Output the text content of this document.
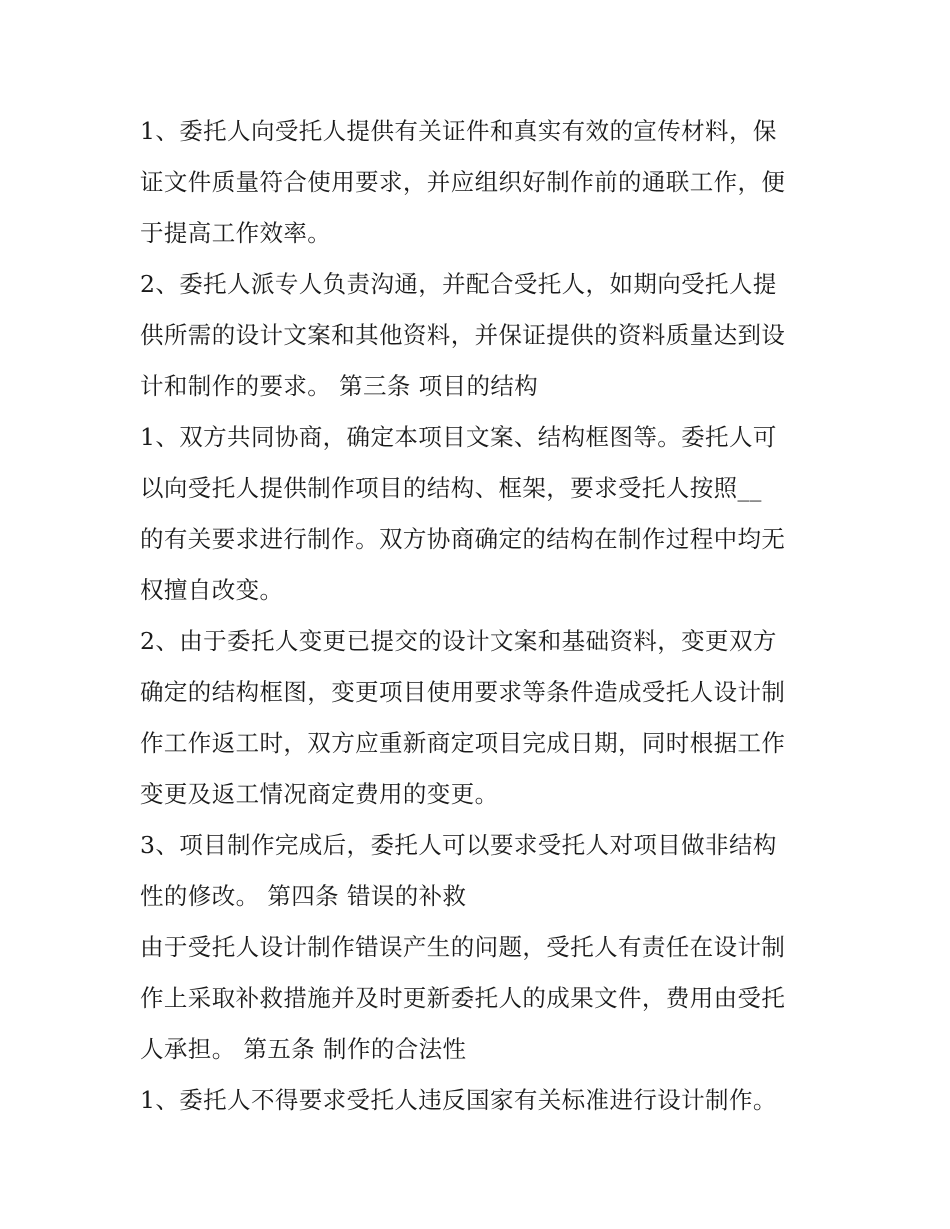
1、委托人向受托人提供有关证件和真实有效的宣传材料，保
证文件质量符合使用要求，并应组织好制作前的通联工作，便
于提高工作效率。
2、委托人派专人负责沟通，并配合受托人，如期向受托人提
供所需的设计文案和其他资料，并保证提供的资料质量达到设
计和制作的要求。 第三条 项目的结构
1、双方共同协商，确定本项目文案、结构框图等。委托人可
以向受托人提供制作项目的结构、框架，要求受托人按照__
的有关要求进行制作。双方协商确定的结构在制作过程中均无
权擅自改变。
2、由于委托人变更已提交的设计文案和基础资料，变更双方
确定的结构框图，变更项目使用要求等条件造成受托人设计制
作工作返工时，双方应重新商定项目完成日期，同时根据工作
变更及返工情况商定费用的变更。
3、项目制作完成后，委托人可以要求受托人对项目做非结构
性的修改。 第四条 错误的补救
由于受托人设计制作错误产生的问题，受托人有责任在设计制
作上采取补救措施并及时更新委托人的成果文件，费用由受托
人承担。 第五条 制作的合法性
1、委托人不得要求受托人违反国家有关标准进行设计制作。
